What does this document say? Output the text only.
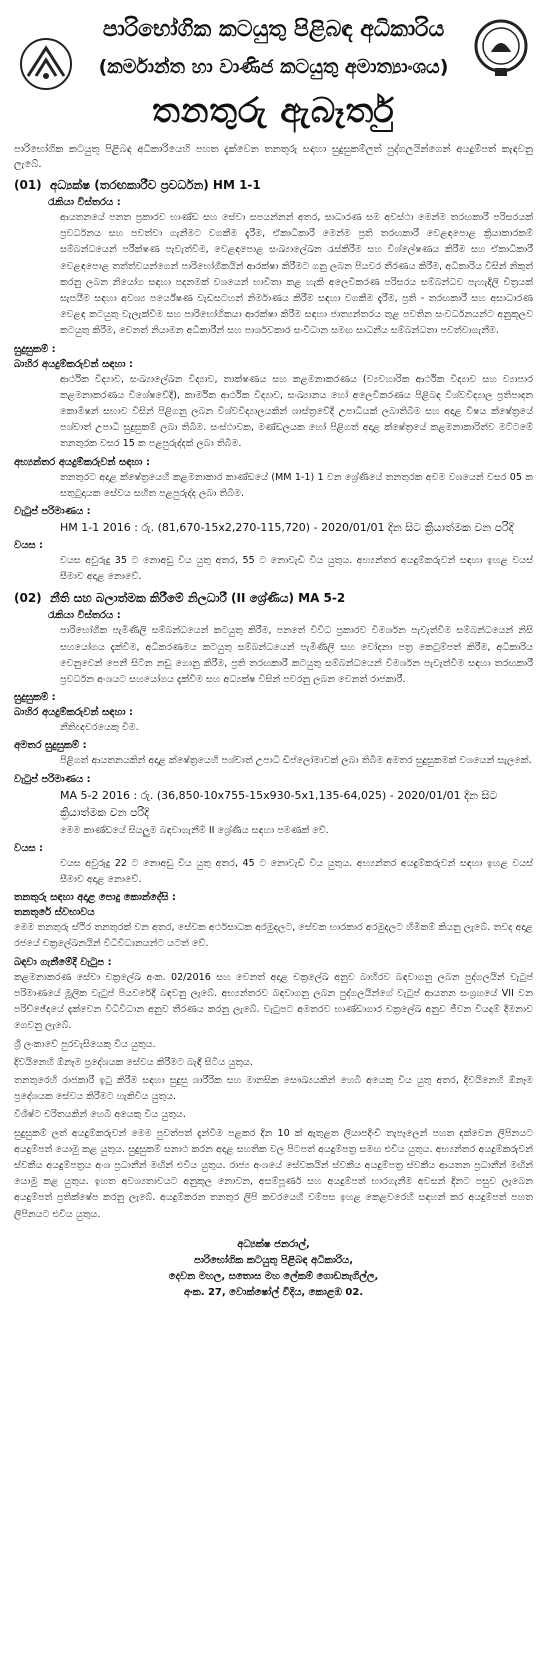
පාරිභෝගික කටයුතු පිළිබඳ අධිකාරිය
(කර්මාන්ත හා වාණිජ කටයුතු අමාත්‍යාංශය)
තනතුරු ඇබෑර්තු
පාරිභෝගික කටයුතු පිළිබඳ අධිකාරියෙහි පහත දැක්වෙන තනතුරු සඳහා සුදුසුකම්ලත් පුද්ගලයින්ගෙන් අයදුම්පත් කැඳවනු ලැබේ.
(01) අධ්‍යක්ෂ (තරඟකාරීව ප්‍රවර්ධන) HM 1-1
රැකියා විස්තරය :
ආයතනයේ පනත ප්‍රකාරව භාණ්ඩ සහ සේවා සපයන්නන් අතර, සාධාරණ සම අවස්ථා මෙන්ම තරඟකාරී පරිසරයක් ප්‍රවර්ධනය සහ පවත්වා ගැනීමට වගකීම දැරීම, ඒකාධිකාරී මෙන්ම ප්‍රති තරඟකාරී වෙළඳපොළ ක්‍රියාකාරකම් සම්බන්ධයෙන් පරීක්ෂණ පැවැත්වීම, වෙළඳපොළ සංඛ්‍යාලේඛන රැස්කිරීම සහ විශ්ලේෂණය කිරීම සහ ඒකාධිකාරී වෙළඳපොළ තත්ත්වයන්ගෙන් පාරිභෝගිකයින් ආරක්ෂා කිරීමට ගනු ලබන පියවර තීරණය කිරීම, අධිකාරිය විසින් නිකුත් කරනු ලබන නියෝග සඳහා පදනමක් වශයෙන් භාවිතා කළ හැකි අලෙවිකරණ පරිසරය සම්බන්ධව පැහැදිලි චිත්‍රයක් සැපයීම සඳහා අවශ්‍ය පර්යේෂණ වැඩසටහන් නිර්මාණය කිරීම සඳහා වගකීම දැරීම, ප්‍රති - තරඟකාරී සහ අසාධාරණ වෙළඳ කටයුතු වැලැක්වීම සහ පාරිභෝගිකයා ආරක්ෂා කිරීම සඳහා ජාත්‍යන්තරය තුළ පවතින සංවර්ධනයන්ට අනුකූලව කටයුතු කිරීම, වෙනත් නියාමන අධිකාරීන් සහ පාර්ශවකාර සංවිධාන සමඟ සාධනීය සම්බන්ධතා පවත්වාගැනීම.
සුදුසුකම් :
බාහිර අයදුම්කරුවන් සඳහා :
ආර්ථික විද්‍යාව, සංඛ්‍යාලේඛන විද්‍යාව, තාක්ෂණය සහ කළමනාකරණය (ව්‍යවහාරික ආර්ථික විද්‍යාව සහ ව්‍යාපාර කළමනාකරණය විශේෂවේදී), කාර්මික ආර්ථික විද්‍යාව, සංඛ්‍යානය හෝ අලෙවිකරණය පිළිබඳ විශ්වවිද්‍යාල ප්‍රතිපාදන කොමිෂන් සභාව විසින් පිළිගනු ලබන විශ්වවිද්‍යාලයකින් ශාස්ත්‍රවේදී උපාධියක් ලබාතිබීම සහ අදාළ විෂය ක්ෂේත්‍රයේ පශ්චාත් උපාධි සුදුසුකම් ලබා තිබීම. සංස්ථාවක, මණ්ඩලයක හෝ පිළිගත් අදාළ ක්ෂේත්‍රයේ කළමනාකාරිත්ව මට්ටමේ තනතුරක වසර 15 ක පළපුරුද්දක් ලබා තිබීම.
අභ්‍යන්තර අයදුම්කරුවන් සඳහා :
තනතුරට අදාළ ක්ෂේත්‍රයෙහි කළමනාකාර කාණ්ඩයේ (MM 1-1) 1 වන ශ්‍රේණියේ තනතුරක අවම වශයෙන් වසර 05 ක සතුටුදායක සේවය සහිත පළපුරුද්ද ලබා තිබීම.
වැටුප් පරිමාණය :
HM 1-1 2016 : රු. (81,670-15x2,270-115,720) - 2020/01/01 දින සිට ක්‍රියාත්මක වන පරිදි
වයස :
වයස අවුරුදු 35 ට නොඅඩු විය යුතු අතර, 55 ට නොවැඩි විය යුතුය. අභ්‍යන්තර අයදුම්කරුවන් සඳහා ඉහළ වයස් සීමාව අදාළ නොවේ.
(02) නීති සහ බලාත්මක කිරීමේ නිලධාරී (II ශ්‍රේණිය) MA 5-2
රැකියා විස්තරය :
පාරිභෝගික පැමිණිලි සම්බන්ධයෙන් කටයුතු කිරීම, පනතේ විවිධ ප්‍රකාරව විමර්ශන පැවැත්වීම සම්බන්ධයෙන් නිසි සහයෝගය දැක්වීම, අධිකරණමය කටයුතු සම්බන්ධයෙන් පැමිණිලි සහ වෝදනා පත්‍ර කෙටුම්පත් කිරීම, අධිකාරිය වෙනුවෙන් පෙනී සිටින නඩු ගොනු කිරීම, ප්‍රති තරඟකාරී කටයුතු සම්බන්ධයෙන් විමර්ශන පැවැත්වීම සඳහා තරඟකාරී ප්‍රවර්ධන අංශයට සහයෝගය දැක්වීම සහ අධ්‍යක්ෂ විසින් පවරනු ලබන වෙනත් රාජකාරී.
සුදුසුකම් :
බාහිර අයදුම්කරුවන් සඳහා :
නීතිඥවරයෙකු වීම.
අමතර සුදුසුකම් :
පිළිගත් ආයතනයකින් අදාළ ක්ෂේත්‍රයෙහි පශ්චාත් උපාධි ඩිප්ලෝමාවක් ලබා තිබීම අමතර සුදුසුකමක් වශයෙන් සැලකේ.
වැටුප් පරිමාණය :
MA 5-2 2016 : රු. (36,850-10x755-15x930-5x1,135-64,025) - 2020/01/01 දින සිට ක්‍රියාත්මක වන පරිදි
මෙම කාණ්ඩයේ සියලුම බඳවාගැනීම් II ශ්‍රේණිය සඳහා පමණක් වේ.
වයස :
වයස අවුරුදු 22 ට නොඅඩු විය යුතු අතර, 45 ට නොවැඩි විය යුතුය. අභ්‍යන්තර අයදුම්කරුවන් සඳහා ඉහළ වයස් සීමාව අදාළ නොවේ.
තනතුරු සඳහා අදාළ පොදු කොන්දේසි :
තනතුරේ ස්වභාවය
මෙම තනතුරු ස්ථිර තනතුරක් වන අතර, සේවක අර්ථසාධක අරමුදලට, සේවක භාරකාර අරමුදලට හිමිකම් කියනු ලැබේ. තවද අදාළ රජයේ චක්‍රලේඛනයින් විධිවිධානයන්ට යටත් වේ.
බඳවා ගැනීමේදී වැටුප :
කළමනාකරණ සේවා චක්‍රලේඛ අංක. 02/2016 සහ වෙනත් අදාළ චක්‍රලේඛ අනුව බාහිරව බඳවාගනු ලබන පුද්ගලයින් වැටුප් පරිමාණයේ මූලික වැටුප් පියවරේදී බඳවනු ලැබේ. අභ්‍යන්තරව බඳවාගනු ලබන පුද්ගලයින්ගේ වැටුප් ආයතන සංග්‍රහයේ VII වන පරිච්ඡේදයේ දැක්වෙන විධිවිධාන අනුව තීරණය කරනු ලැබේ. වැටුපට අමතරව භාණ්ඩාගාර චක්‍රලේඛ අනුව ජීවන වියදම් දීමනාව ගෙවනු ලැබේ.
ශ්‍රී ලංකාවේ පුරවැසියෙකු විය යුතුය.
දිවයිනෙහි ඕනෑම ප්‍රදේශයක සේවය කිරීමට බැඳී සිටිය යුතුය.
තනතුරෙහි රාජකාරී ඉටු කිරීම සඳහා සුදුසු ශාරීරික සහ මානසික සෞඛ්‍යයකින් හෙබි අයෙකු විය යුතු අතර, දිවයිනෙහි ඕනෑම ප්‍රදේශයක සේවය කිරීමට හැකිවිය යුතුය.
විශිෂ්ට චරිතයකින් හෙබි අයෙකු විය යුතුය.
සුදුසුකම් ලත් අයදුම්කරුවන් මෙම පුවත්පත් දැන්වීම පළකර දින 10 ක් ඇතුළත ලියාපදිංචි තැපෑලෙන් පහත දක්වෙන ලිපිනයට අයදුම්පත් යොමු කළ යුතුය. සුදුසුකම් සනාථ කරන අදාළ සහතික වල පිටපත් අයදුම්පත්‍ර සමඟ එවිය යුතුය. අභ්‍යන්තර අයදුම්කරුවන් ස්වකීය අයදුම්පත්‍රය අංශ ප්‍රධානීන් මඟින් එවිය යුතුය. රාජ්‍ය අංශයේ සේවකයින් ස්වකීය අයදුම්පත්‍ර ස්වකීය ආයතන ප්‍රධානීන් මඟින් යොමු කළ යුතුය. ඉහත අවශ්‍යතාවයට අනුකූල නොවන, අසම්පූර්ණ සහ අයදුම්පත් භාරගැනීම අවසන් දිනට පසුව ලැබෙන අයදුම්පත් ප්‍රතික්ෂේප කරනු ලැබේ. අයදුම්කරන තනතුර ලිපි කවරයෙහි වම්පස ඉහළ කෙළවරෙහි සඳහන් කර අයදුම්පත් පහත ලිපිනයට එවිය යුතුය.
අධ්‍යක්ෂ ජනරාල්,
පාරිභෝගික කටයුතු පිළිබඳ අධිකාරිය,
දෙවන මහල, සතොස මහ ලේකම් ගොඩනැගිල්ල,
අංක. 27, වොක්ෂෝල් වීදිය, කොළඹ 02.
